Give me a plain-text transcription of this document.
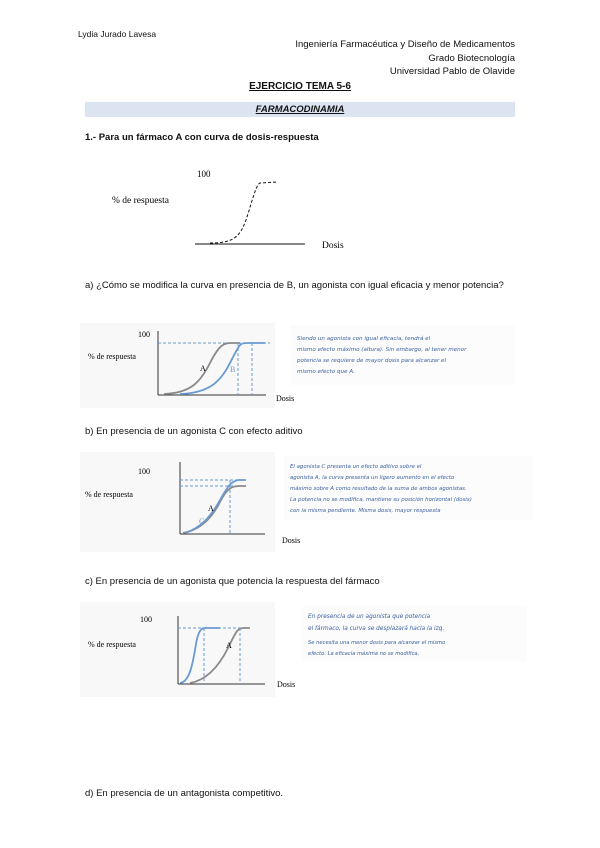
Lydia Jurado Lavesa
Ingeniería Farmacéutica y Diseño de Medicamentos
Grado Biotecnología
Universidad Pablo de Olavide
EJERCICIO TEMA 5-6
FARMACODINAMIA
1.- Para un fármaco A con curva de dosis-respuesta
100
% de respuesta
Dosis
a) ¿Cómo se modifica la curva en presencia de B, un agonista con igual eficacia y menor potencia?
100
% de respuesta
A	B
Dosis
Siendo un agonista con igual eficacia, tendrá el
mismo efecto máximo (altura). Sin embargo, al tener menor
potencia se requiere de mayor dosis para alcanzar el
mismo efecto que A.
b) En presencia de un agonista C con efecto aditivo
100
% de respuesta
A
C
Dosis
El agonista C presenta un efecto aditivo sobre el
agonista A, la curva presenta un ligero aumento en el efecto
máximo sobre A como resultado de la suma de ambos agonistas.
La potencia no se modifica, mantiene su posición horizontal (dosis)
con la misma pendiente. Misma dosis, mayor respuesta
c) En presencia de un agonista que potencia la respuesta del fármaco
100
% de respuesta	A
Dosis
En presencia de un agonista que potencia
el fármaco, la curva se desplazará hacia la izq.
Se necesita una menor dosis para alcanzar el mismo
efecto. La eficacia máxima no se modifica.
d) En presencia de un antagonista competitivo.
